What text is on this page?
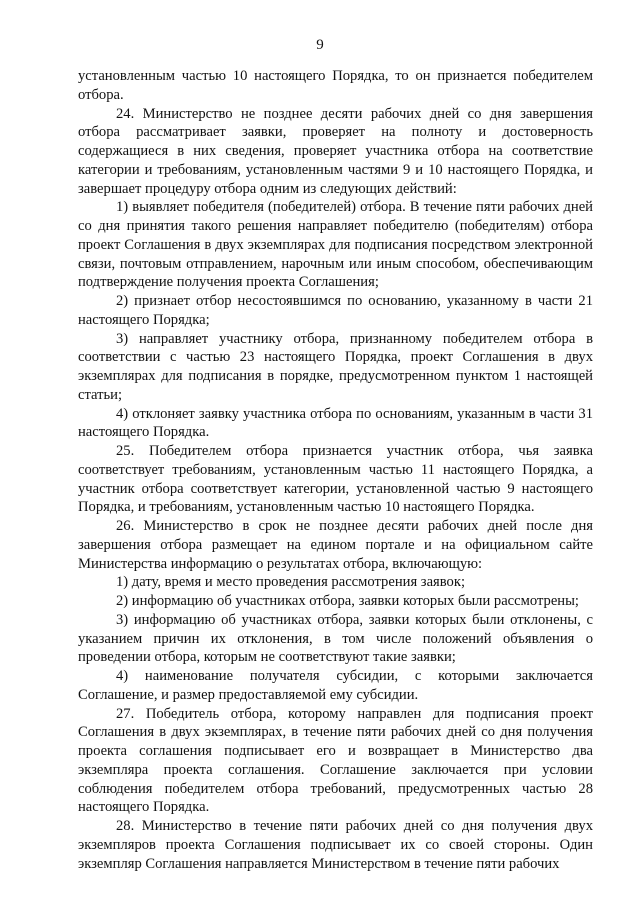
9

установленным частью 10 настоящего Порядка, то он признается победителем отбора.

24. Министерство не позднее десяти рабочих дней со дня завершения отбора рассматривает заявки, проверяет на полноту и достоверность содержащиеся в них сведения, проверяет участника отбора на соответствие категории и требованиям, установленным частями 9 и 10 настоящего Порядка, и завершает процедуру отбора одним из следующих действий:

1) выявляет победителя (победителей) отбора. В течение пяти рабочих дней со дня принятия такого решения направляет победителю (победителям) отбора проект Соглашения в двух экземплярах для подписания посредством электронной связи, почтовым отправлением, нарочным или иным способом, обеспечивающим подтверждение получения проекта Соглашения;

2) признает отбор несостоявшимся по основанию, указанному в части 21 настоящего Порядка;

3) направляет участнику отбора, признанному победителем отбора в соответствии с частью 23 настоящего Порядка, проект Соглашения в двух экземплярах для подписания в порядке, предусмотренном пунктом 1 настоящей статьи;

4) отклоняет заявку участника отбора по основаниям, указанным в части 31 настоящего Порядка.

25. Победителем отбора признается участник отбора, чья заявка соответствует требованиям, установленным частью 11 настоящего Порядка, а участник отбора соответствует категории, установленной частью 9 настоящего Порядка, и требованиям, установленным частью 10 настоящего Порядка.

26. Министерство в срок не позднее десяти рабочих дней после дня завершения отбора размещает на едином портале и на официальном сайте Министерства информацию о результатах отбора, включающую:

1) дату, время и место проведения рассмотрения заявок;

2) информацию об участниках отбора, заявки которых были рассмотрены;

3) информацию об участниках отбора, заявки которых были отклонены, с указанием причин их отклонения, в том числе положений объявления о проведении отбора, которым не соответствуют такие заявки;

4) наименование получателя субсидии, с которыми заключается Соглашение, и размер предоставляемой ему субсидии.

27. Победитель отбора, которому направлен для подписания проект Соглашения в двух экземплярах, в течение пяти рабочих дней со дня получения проекта соглашения подписывает его и возвращает в Министерство два экземпляра проекта соглашения. Соглашение заключается при условии соблюдения победителем отбора требований, предусмотренных частью 28 настоящего Порядка.

28. Министерство в течение пяти рабочих дней со дня получения двух экземпляров проекта Соглашения подписывает их со своей стороны. Один экземпляр Соглашения направляется Министерством в течение пяти рабочих
